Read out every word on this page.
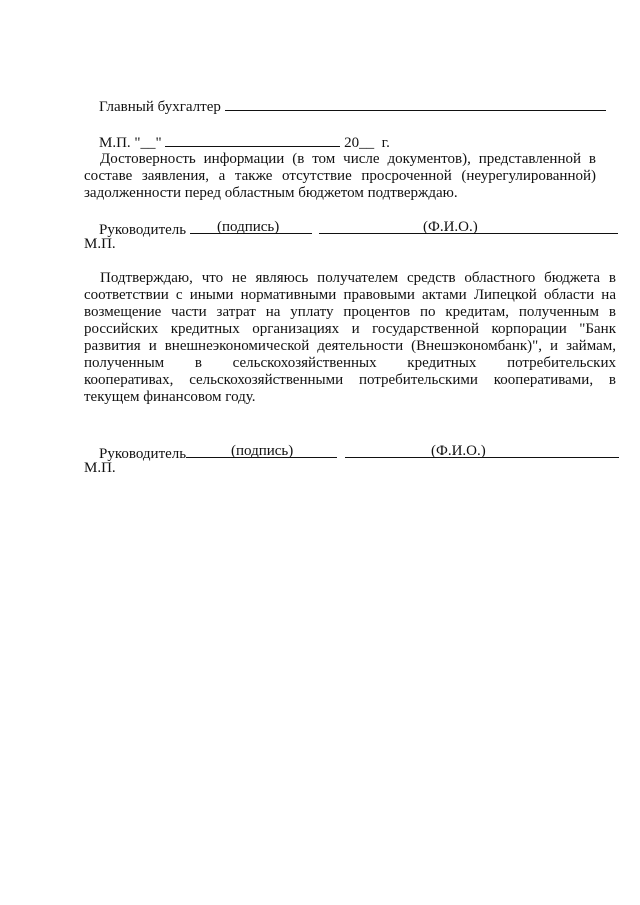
Главный бухгалтер

М.П. "__"	20__  г.

Достоверность информации (в том числе документов), представленной в
составе заявления, а также отсутствие просроченной (неурегулированной)
задолженности перед областным бюджетом подтверждаю.

Руководитель
	(подпись)	(Ф.И.О.)
М.П.
Подтверждаю, что не являюсь получателем средств областного бюджета в
соответствии с иными нормативными правовыми актами Липецкой области на
возмещение части затрат на уплату процентов по кредитам, полученным в
российских кредитных организациях и государственной корпорации "Банк
развития и внешнеэкономической деятельности (Внешэкономбанк)", и займам,
полученным в сельскохозяйственных кредитных потребительских
кооперативах, сельскохозяйственными потребительскими кооперативами, в
текущем финансовом году.

Руководитель
	(подпись)	(Ф.И.О.)
М.П.
